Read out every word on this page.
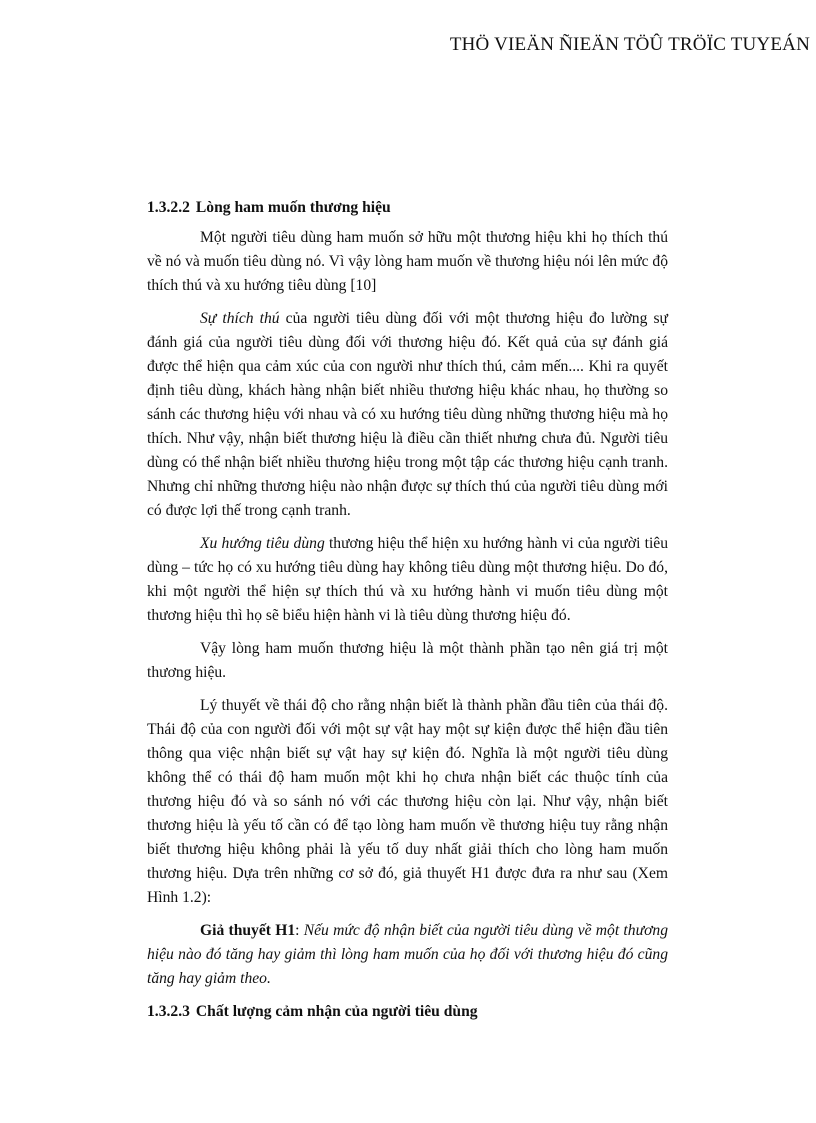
THÖ VIEÄN ÑIEÄN TÖÛ TRÖÏC TUYEÁN
1.3.2.2 Lòng ham muốn thương hiệu

Một người tiêu dùng ham muốn sở hữu một thương hiệu khi họ thích thú về nó và muốn tiêu dùng nó. Vì vậy lòng ham muốn về thương hiệu nói lên mức độ thích thú và xu hướng tiêu dùng [10]

Sự thích thú của người tiêu dùng đối với một thương hiệu đo lường sự đánh giá của người tiêu dùng đối với thương hiệu đó. Kết quả của sự đánh giá được thể hiện qua cảm xúc của con người như thích thú, cảm mến.... Khi ra quyết định tiêu dùng, khách hàng nhận biết nhiều thương hiệu khác nhau, họ thường so sánh các thương hiệu với nhau và có xu hướng tiêu dùng những thương hiệu mà họ thích. Như vậy, nhận biết thương hiệu là điều cần thiết nhưng chưa đủ. Người tiêu dùng có thể nhận biết nhiều thương hiệu trong một tập các thương hiệu cạnh tranh. Nhưng chỉ những thương hiệu nào nhận được sự thích thú của người tiêu dùng mới có được lợi thế trong cạnh tranh.

Xu hướng tiêu dùng thương hiệu thể hiện xu hướng hành vi của người tiêu dùng – tức họ có xu hướng tiêu dùng hay không tiêu dùng một thương hiệu. Do đó, khi một người thể hiện sự thích thú và xu hướng hành vi muốn tiêu dùng một thương hiệu thì họ sẽ biểu hiện hành vi là tiêu dùng thương hiệu đó.

Vậy lòng ham muốn thương hiệu là một thành phần tạo nên giá trị một thương hiệu.

Lý thuyết về thái độ cho rằng nhận biết là thành phần đầu tiên của thái độ. Thái độ của con người đối với một sự vật hay một sự kiện được thể hiện đầu tiên thông qua việc nhận biết sự vật hay sự kiện đó. Nghĩa là một người tiêu dùng không thể có thái độ ham muốn một khi họ chưa nhận biết các thuộc tính của thương hiệu đó và so sánh nó với các thương hiệu còn lại. Như vậy, nhận biết thương hiệu là yếu tố cần có để tạo lòng ham muốn về thương hiệu tuy rằng nhận biết thương hiệu không phải là yếu tố duy nhất giải thích cho lòng ham muốn thương hiệu. Dựa trên những cơ sở đó, giả thuyết H1 được đưa ra như sau (Xem Hình 1.2):

Giả thuyết H1: Nếu mức độ nhận biết của người tiêu dùng về một thương hiệu nào đó tăng hay giảm thì lòng ham muốn của họ đối với thương hiệu đó cũng tăng hay giảm theo.

1.3.2.3 Chất lượng cảm nhận của người tiêu dùng
